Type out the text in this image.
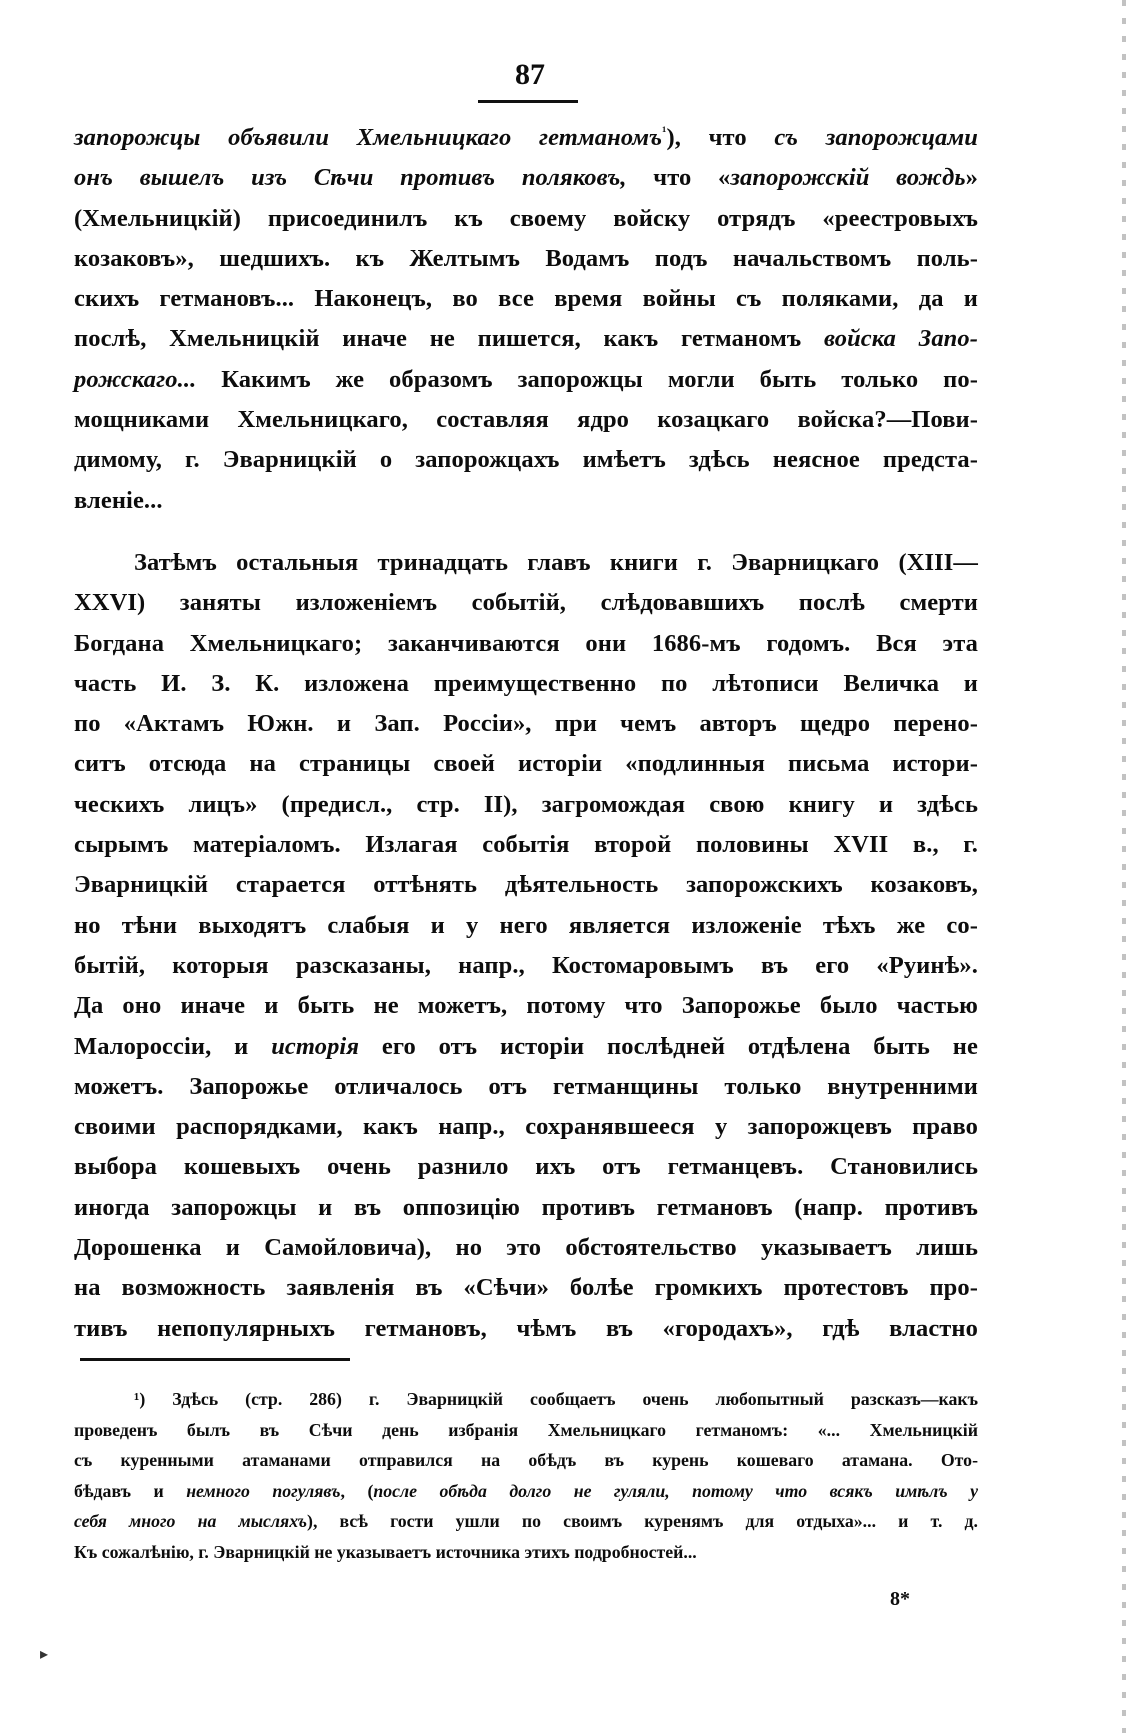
87
запорожцы объявили Хмельницкаго гетманомъ$^{^1}$), что съ запорожцами
онъ вышелъ изъ Сѣчи противъ поляковъ, что «запорожскій вождь»
(Хмельницкій) присоединилъ къ своему войску отрядъ «реестровыхъ
козаковъ», шедшихъ. къ Желтымъ Водамъ подъ начальствомъ поль-
скихъ гетмановъ... Наконецъ, во все время войны съ поляками, да и
послѣ, Хмельницкій иначе не пишется, какъ гетманомъ войска Запо-
рожскаго... Какимъ же образомъ запорожцы могли быть только по-
мощниками Хмельницкаго, составляя ядро козацкаго войска?—Пови-
димому, г. Эварницкій о запорожцахъ имѣетъ здѣсь неясное предста-
вленіе...
Затѣмъ остальныя тринадцать главъ книги г. Эварницкаго (XIII—
XXVI) заняты изложеніемъ событій, слѣдовавшихъ послѣ смерти
Богдана Хмельницкаго; заканчиваются они 1686-мъ годомъ. Вся эта
часть И. З. К. изложена преимущественно по лѣтописи Величка и
по «Актамъ Южн. и Зап. Россіи», при чемъ авторъ щедро перено-
ситъ отсюда на страницы своей исторіи «подлинныя письма истори-
ческихъ лицъ» (предисл., стр. II), загромождая свою книгу и здѣсь
сырымъ матеріаломъ. Излагая событія второй половины XVII в., г.
Эварницкій старается оттѣнять дѣятельность запорожскихъ козаковъ,
но тѣни выходятъ слабыя и у него является изложеніе тѣхъ же со-
бытій, которыя разсказаны, напр., Костомаровымъ въ его «Руинѣ».
Да оно иначе и быть не можетъ, потому что Запорожье было частью
Малороссіи, и исторія его отъ исторіи послѣдней отдѣлена быть не
можетъ. Запорожье отличалось отъ гетманщины только внутренними
своими распорядками, какъ напр., сохранявшееся у запорожцевъ право
выбора кошевыхъ очень разнило ихъ отъ гетманцевъ. Становились
иногда запорожцы и въ оппозицію противъ гетмановъ (напр. противъ
Дорошенка и Самойловича), но это обстоятельство указываетъ лишь
на возможность заявленія въ «Сѣчи» болѣе громкихъ протестовъ про-
тивъ непопулярныхъ гетмановъ, чѣмъ въ «городахъ», гдѣ властно
¹) Здѣсь (стр. 286) г. Эварницкій сообщаетъ очень любопытный разсказъ—какъ
проведенъ былъ въ Сѣчи день избранія Хмельницкаго гетманомъ: «... Хмельницкій
съ куренными атаманами отправился на обѣдъ въ курень кошеваго атамана. Ото-
бѣдавъ и немного погулявъ, (после обѣда долго не гуляли, потому что всякъ имѣлъ у
себя много на мысляхъ), всѣ гости ушли по своимъ куренямъ для отдыха»... и т. д.
Къ сожалѣнію, г. Эварницкій не указываетъ источника этихъ подробностей...
8*
▸
